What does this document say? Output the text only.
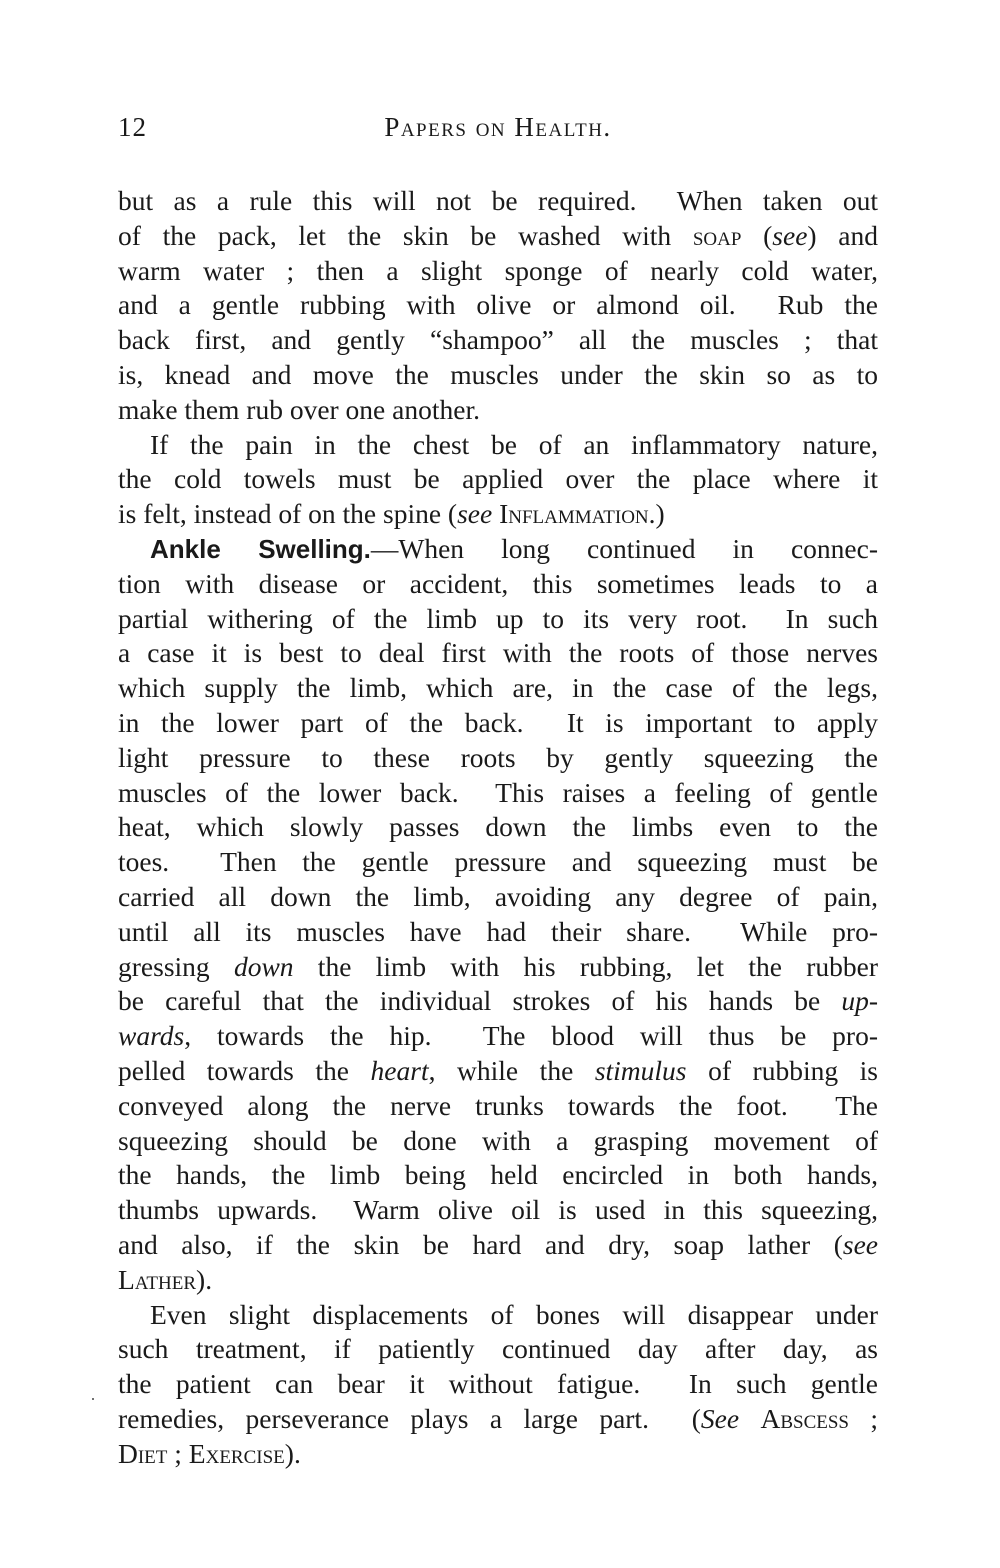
12	Papers on Health.
but as a rule this will not be required.  When taken out
of the pack, let the skin be washed with soap (see) and
warm water ; then a slight sponge of nearly cold water,
and a gentle rubbing with olive or almond oil.  Rub the
back first, and gently “shampoo” all the muscles ; that
is, knead and move the muscles under the skin so as to
make them rub over one another.
If the pain in the chest be of an inflammatory nature,
the cold towels must be applied over the place where it
is felt, instead of on the spine (see Inflammation.)
Ankle Swelling.—When long continued in connec-
tion with disease or accident, this sometimes leads to a
partial withering of the limb up to its very root.  In such
a case it is best to deal first with the roots of those nerves
which supply the limb, which are, in the case of the legs,
in the lower part of the back.  It is important to apply
light pressure to these roots by gently squeezing the
muscles of the lower back.  This raises a feeling of gentle
heat, which slowly passes down the limbs even to the
toes.  Then the gentle pressure and squeezing must be
carried all down the limb, avoiding any degree of pain,
until all its muscles have had their share.  While pro-
gressing down the limb with his rubbing, let the rubber
be careful that the individual strokes of his hands be up-
wards, towards the hip.  The blood will thus be pro-
pelled towards the heart, while the stimulus of rubbing is
conveyed along the nerve trunks towards the foot.  The
squeezing should be done with a grasping movement of
the hands, the limb being held encircled in both hands,
thumbs upwards.  Warm olive oil is used in this squeezing,
and also, if the skin be hard and dry, soap lather (see
Lather).
Even slight displacements of bones will disappear under
such treatment, if patiently continued day after day, as
the patient can bear it without fatigue.  In such gentle
remedies, perseverance plays a large part.  (See Abscess ;
Diet ; Exercise).
